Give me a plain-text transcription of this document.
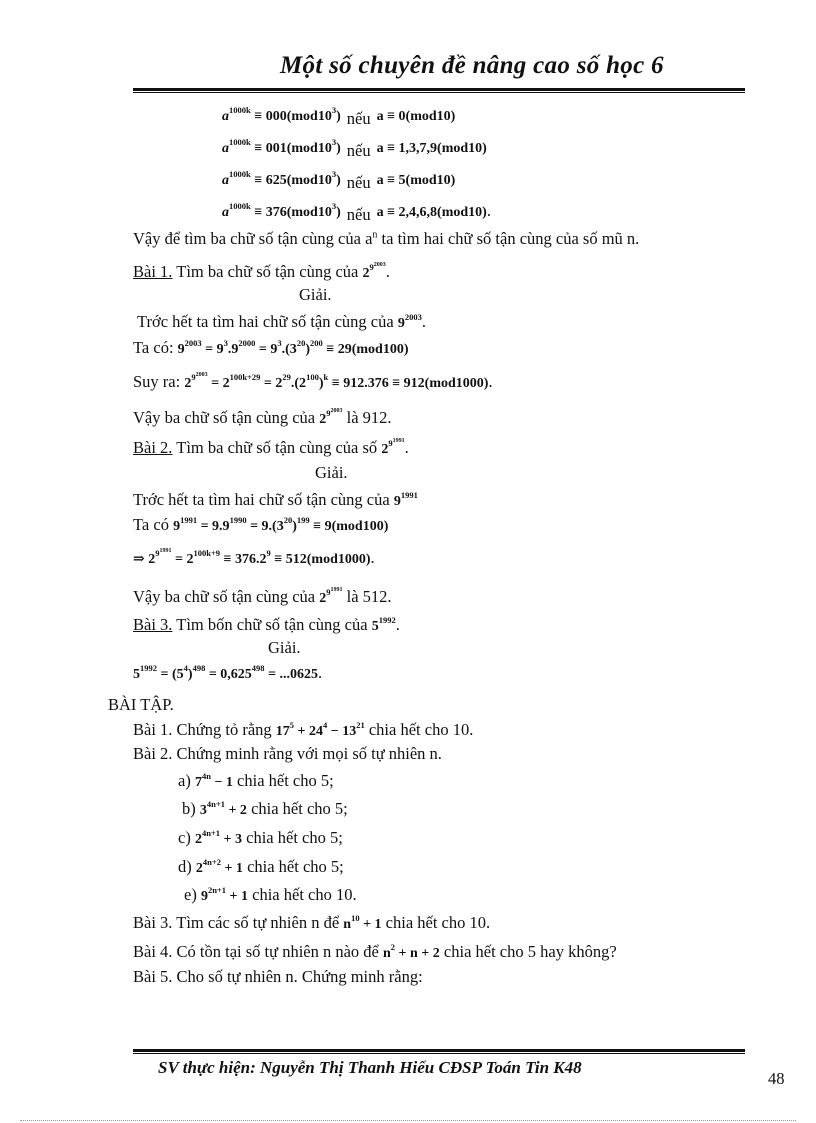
Một số chuyên đề nâng cao số học 6
$a^{1000k} \equiv 000(mod10^3)$ nếu a ≡ 0(mod10)
$a^{1000k} \equiv 001(mod10^3)$ nếu a ≡ 1,3,7,9(mod10)
$a^{1000k} \equiv 625(mod10^3)$ nếu a ≡ 5(mod10)
$a^{1000k} \equiv 376(mod10^3)$ nếu a ≡ 2,4,6,8(mod10).
Vậy để tìm ba chữ số tận cùng của $a^n$ ta tìm hai chữ số tận cùng của số mũ n.
Bài 1. Tìm ba chữ số tận cùng của $2^{9^{2003}}$.
Giải.
Trớc hết ta tìm hai chữ số tận cùng của $9^{2003}$.
Ta có: $9^{2003} = 9^3.9^{2000} = 9^3.(3^{20})^{200} \equiv 29(mod100)$
Suy ra: $2^{9^{2003}} = 2^{100k+29} = 2^{29}.(2^{100})^k \equiv 912.376 \equiv 912(mod1000)$.
Vậy ba chữ số tận cùng của $2^{9^{2003}}$ là 912.
Bài 2. Tìm ba chữ số tận cùng của số $2^{9^{1991}}$.
Giải.
Trớc hết ta tìm hai chữ số tận cùng của $9^{1991}$
Ta có $9^{1991} = 9.9^{1990} = 9.(3^{20})^{199} \equiv 9(mod100)$
⇒ $2^{9^{1991}} = 2^{100k+9} \equiv 376.2^9 \equiv 512(mod1000)$.
Vậy ba chữ số tận cùng của $2^{9^{1991}}$ là 512.
Bài 3. Tìm bốn chữ số tận cùng của $5^{1992}$.
Giải.
$5^{1992} = (5^4)^{498} = 0,625^{498} = ...0625$.
BÀI TẬP.
Bài 1. Chứng tỏ rằng $17^5 + 24^4 - 13^{21}$ chia hết cho 10.
Bài 2. Chứng minh rằng với mọi số tự nhiên n.
a) $7^{4n} - 1$ chia hết cho 5;
b) $3^{4n+1} + 2$ chia hết cho 5;
c) $2^{4n+1} + 3$ chia hết cho 5;
d) $2^{4n+2} + 1$ chia hết cho 5;
e) $9^{2n+1} + 1$ chia hết cho 10.
Bài 3. Tìm các số tự nhiên n để $n^{10} + 1$ chia hết cho 10.
Bài 4. Có tồn tại số tự nhiên n nào để $n^2 + n + 2$ chia hết cho 5 hay không?
Bài 5. Cho số tự nhiên n. Chứng minh rằng:
SV thực hiện: Nguyễn Thị Thanh Hiếu CĐSP Toán Tin K48
48
